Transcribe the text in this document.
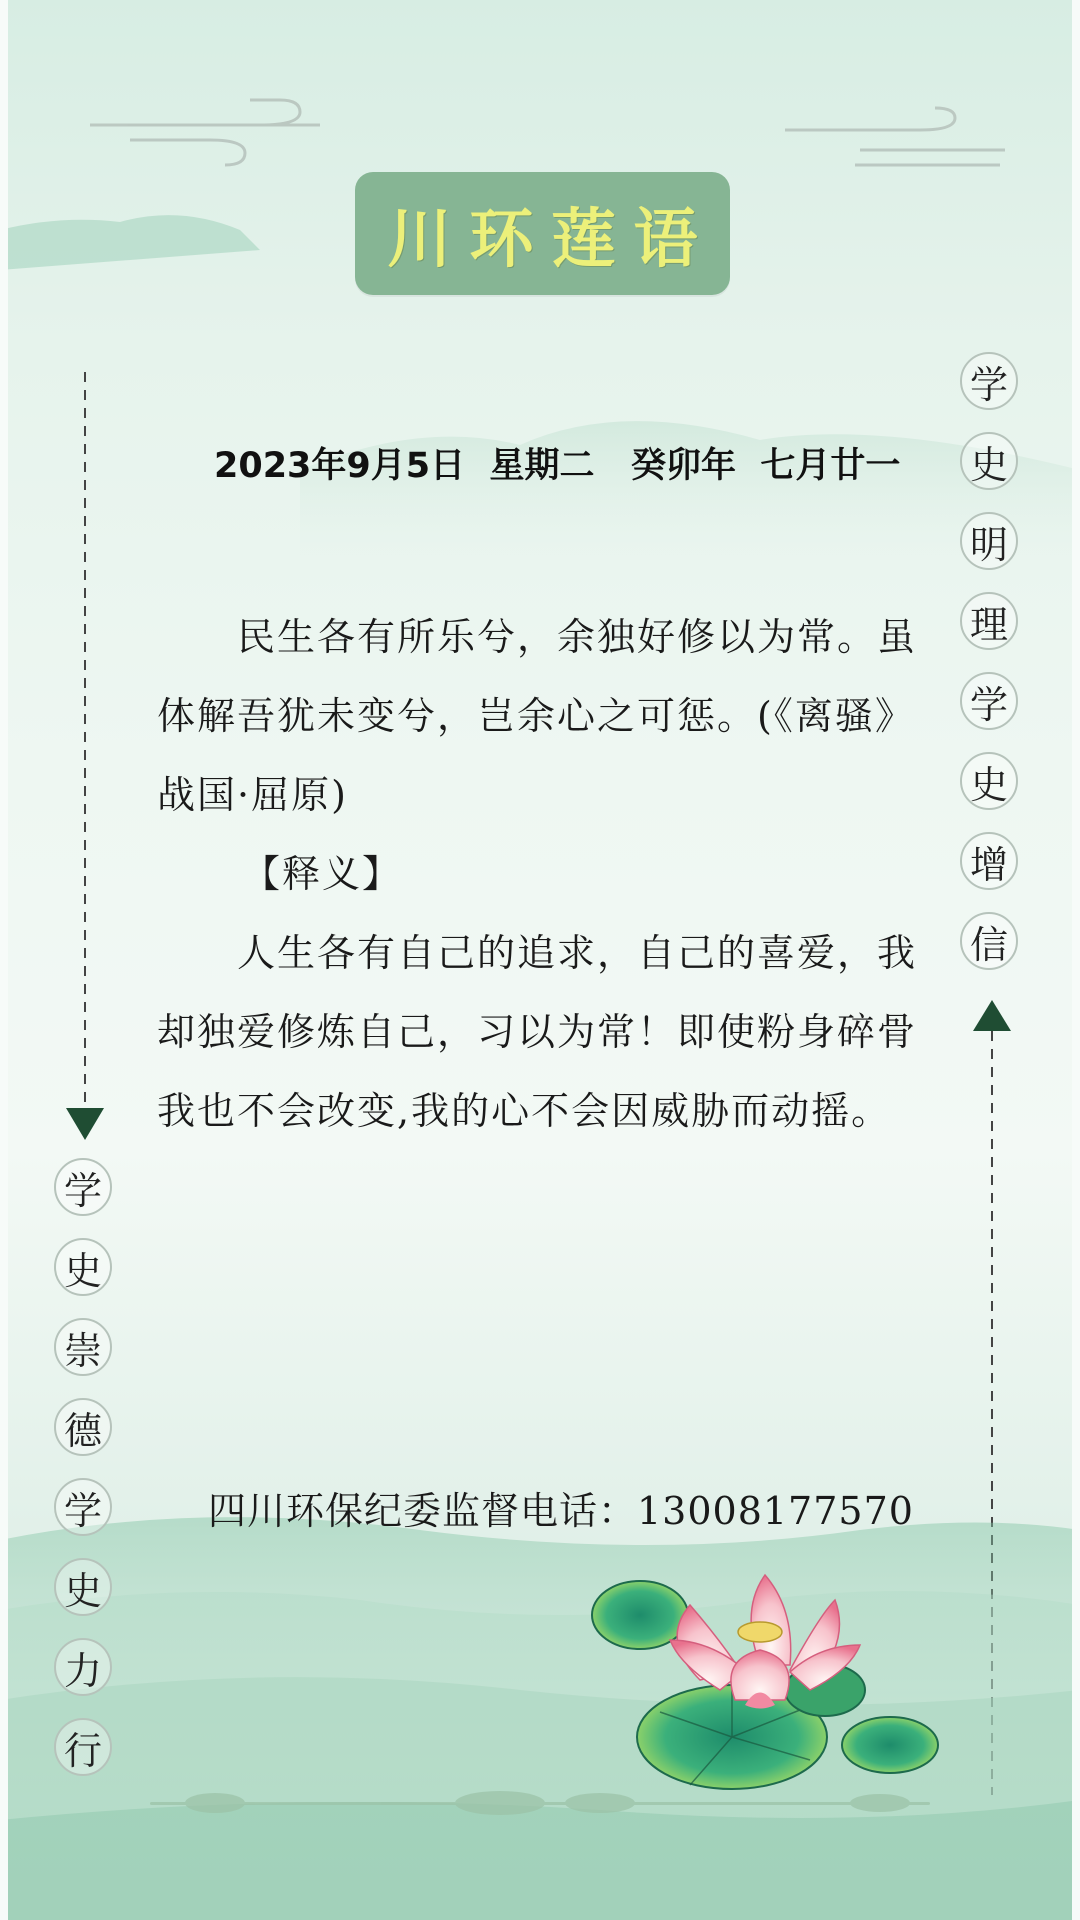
川环莲语
2023年9月5日  星期二   癸卯年  七月廿一

民生各有所乐兮，余独好修以为常。虽体解吾犹未变兮，岂余心之可惩。(《离骚》战国·屈原)

【释义】

人生各有自己的追求，自己的喜爱，我却独爱修炼自己，习以为常！即使粉身碎骨我也不会改变,我的心不会因威胁而动摇。

四川环保纪委监督电话：13008177570
学
史
明
理
学
史
增
信
学
史
崇
德
学
史
力
行
